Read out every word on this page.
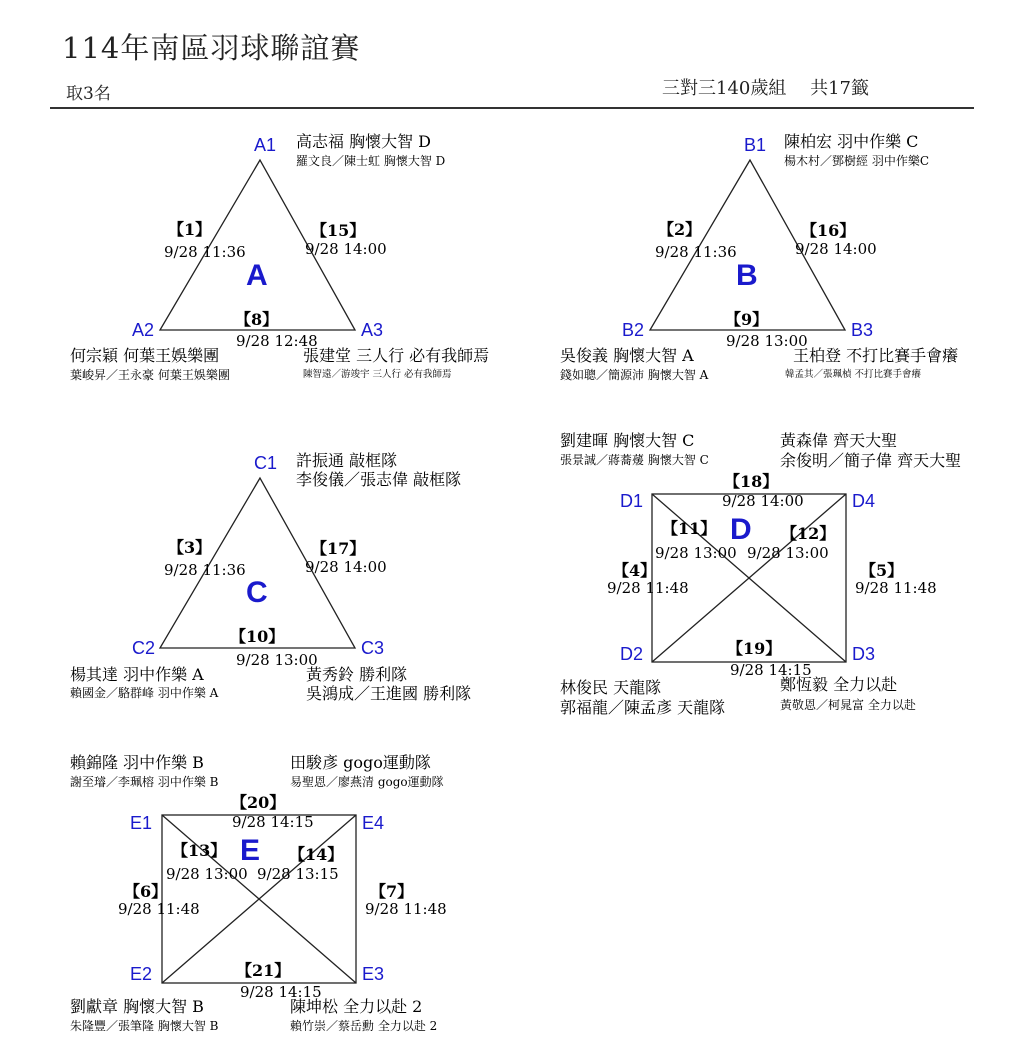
114年南區羽球聯誼賽
取3名	三對三140歲組　 共17籤
A1
A2	A3
A
【1】
9/28 11:36
【15】
9/28 14:00
【8】
9/28 12:48
高志福 胸懷大智 D
羅文良／陳士虹 胸懷大智 D
何宗穎 何葉王娛樂團
葉峻昇／王永豪 何葉王娛樂團
張建堂 三人行 必有我師焉
陳智遠／游竣宇 三人行 必有我師焉
B1
B2	B3
B
【2】
9/28 11:36
【16】
9/28 14:00
【9】
9/28 13:00
陳柏宏 羽中作樂 C
楊木村／鄧樹經 羽中作樂C
吳俊義 胸懷大智 A
錢如聰／簡源沛 胸懷大智 A
王柏登 不打比賽手會癢
韓孟其／張珮楨 不打比賽手會癢
C1
C2	C3
C
【3】
9/28 11:36
【17】
9/28 14:00
【10】
9/28 13:00
許振通 敲框隊
李俊儀／張志偉 敲框隊
楊其達 羽中作樂 A
賴國金／駱群峰 羽中作樂 A
黃秀鈴 勝利隊
吳鴻成／王進國 勝利隊
D1	D4
D2	D3
D
【18】
9/28 14:00
【11】
9/28 13:00
【12】
9/28 13:00
【4】
9/28 11:48
【5】
9/28 11:48
【19】
9/28 14:15
劉建暉 胸懷大智 C
張景誠／蔣蕎蕿 胸懷大智 C
黃森偉 齊天大聖
余俊明／簡子偉 齊天大聖
林俊民 天龍隊
郭福龍／陳孟彥 天龍隊
鄭恆毅 全力以赴
黃敬恩／柯晁富 全力以赴
E1	E4
E2	E3
E
【20】
9/28 14:15
【13】
9/28 13:00
【14】
9/28 13:15
【6】
9/28 11:48
【7】
9/28 11:48
【21】
9/28 14:15
賴錦隆 羽中作樂 B
謝至璿／李珮榕 羽中作樂 B
田駿彥 gogo運動隊
易聖恩／廖燕清 gogo運動隊
劉獻章 胸懷大智 B
朱隆豐／張筆隆 胸懷大智 B
陳坤松 全力以赴 2
賴竹崇／蔡岳勳 全力以赴 2
